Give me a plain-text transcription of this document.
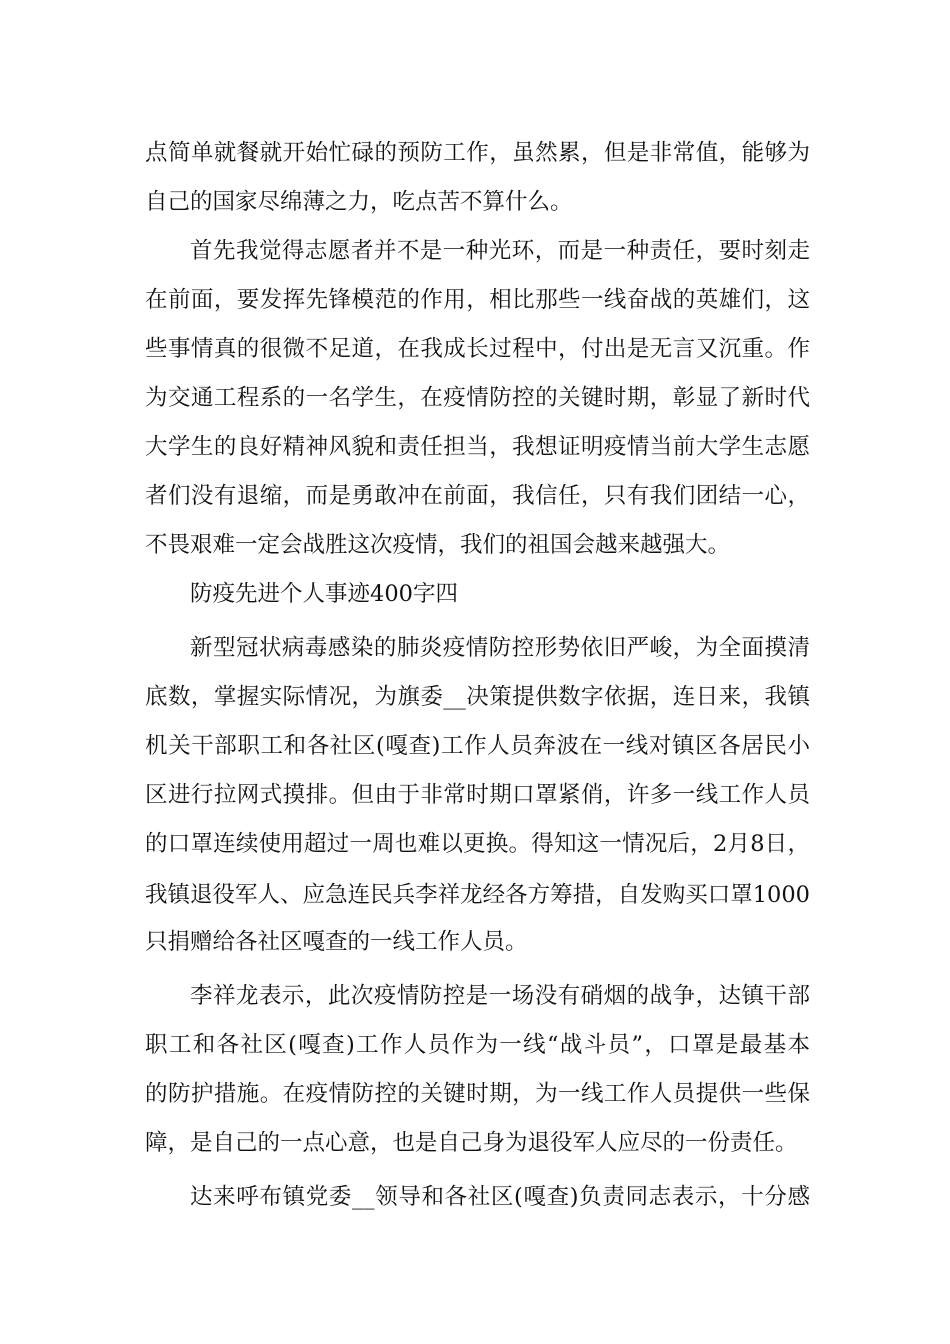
点简单就餐就开始忙碌的预防工作，虽然累，但是非常值，能够为
自己的国家尽绵薄之力，吃点苦不算什么。
首先我觉得志愿者并不是一种光环，而是一种责任，要时刻走
在前面，要发挥先锋模范的作用，相比那些一线奋战的英雄们，这
些事情真的很微不足道，在我成长过程中，付出是无言又沉重。作
为交通工程系的一名学生，在疫情防控的关键时期，彰显了新时代
大学生的良好精神风貌和责任担当，我想证明疫情当前大学生志愿
者们没有退缩，而是勇敢冲在前面，我信任，只有我们团结一心，
不畏艰难一定会战胜这次疫情，我们的祖国会越来越强大。
防疫先进个人事迹400字四
新型冠状病毒感染的肺炎疫情防控形势依旧严峻，为全面摸清
底数，掌握实际情况，为旗委__决策提供数字依据，连日来，我镇
机关干部职工和各社区(嘎查)工作人员奔波在一线对镇区各居民小
区进行拉网式摸排。但由于非常时期口罩紧俏，许多一线工作人员
的口罩连续使用超过一周也难以更换。得知这一情况后，2月8日，
我镇退役军人、应急连民兵李祥龙经各方筹措，自发购买口罩1000
只捐赠给各社区嘎查的一线工作人员。
李祥龙表示，此次疫情防控是一场没有硝烟的战争，达镇干部
职工和各社区(嘎查)工作人员作为一线“战斗员”，口罩是最基本
的防护措施。在疫情防控的关键时期，为一线工作人员提供一些保
障，是自己的一点心意，也是自己身为退役军人应尽的一份责任。
达来呼布镇党委__领导和各社区(嘎查)负责同志表示，十分感
